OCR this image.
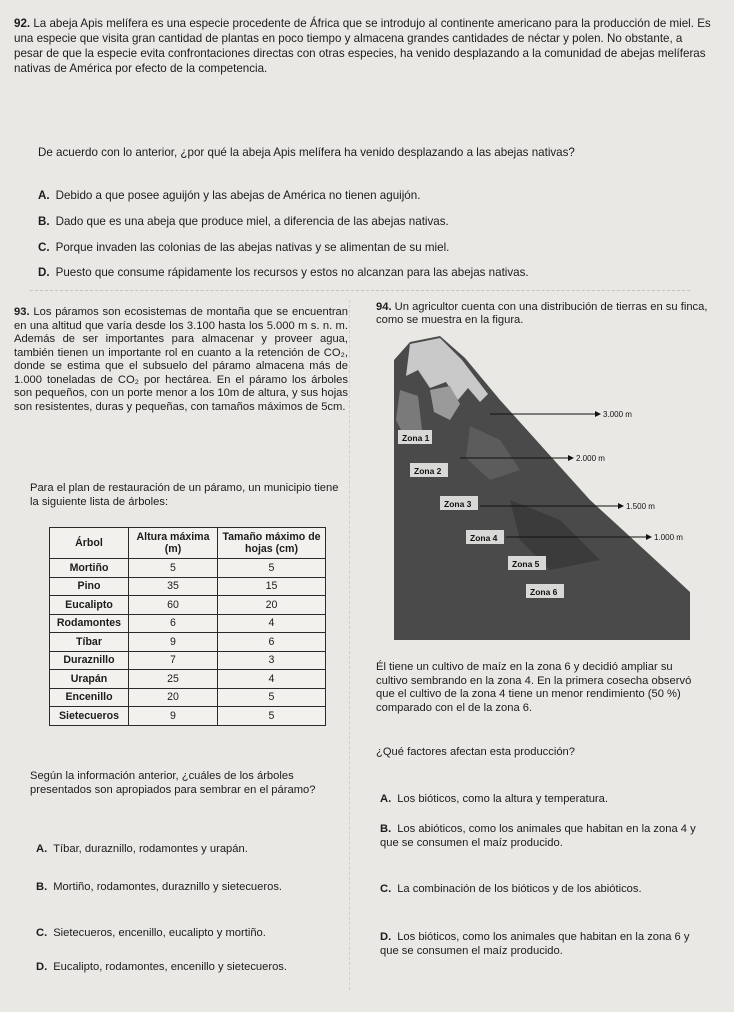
92. La abeja Apis melífera es una especie procedente de África que se introdujo al continente americano para la producción de miel. Es una especie que visita gran cantidad de plantas en poco tiempo y almacena grandes cantidades de néctar y polen. No obstante, a pesar de que la especie evita confrontaciones directas con otras especies, ha venido desplazando a la comunidad de abejas melíferas nativas de América por efecto de la competencia.
De acuerdo con lo anterior, ¿por qué la abeja Apis melífera ha venido desplazando a las abejas nativas?
A. Debido a que posee aguijón y las abejas de América no tienen aguijón.
B. Dado que es una abeja que produce miel, a diferencia de las abejas nativas.
C. Porque invaden las colonias de las abejas nativas y se alimentan de su miel.
D. Puesto que consume rápidamente los recursos y estos no alcanzan para las abejas nativas.
93. Los páramos son ecosistemas de montaña que se encuentran en una altitud que varía desde los 3.100 hasta los 5.000 m s. n. m. Además de ser importantes para almacenar y proveer agua, también tienen un importante rol en cuanto a la retención de CO₂, donde se estima que el subsuelo del páramo almacena más de 1.000 toneladas de CO₂ por hectárea. En el páramo los árboles son pequeños, con un porte menor a los 10m de altura, y sus hojas son resistentes, duras y pequeñas, con tamaños máximos de 5cm.
Para el plan de restauración de un páramo, un municipio tiene la siguiente lista de árboles:
Árbol	Altura máxima (m)	Tamaño máximo de hojas (cm)
Mortiño	5	5
Pino	35	15
Eucalipto	60	20
Rodamontes	6	4
Tíbar	9	6
Duraznillo	7	3
Urapán	25	4
Encenillo	20	5
Sietecueros	9	5
Según la información anterior, ¿cuáles de los árboles presentados son apropiados para sembrar en el páramo?
A. Tíbar, duraznillo, rodamontes y urapán.
B. Mortiño, rodamontes, duraznillo y sietecueros.
C. Sietecueros, encenillo, eucalipto y mortiño.
D. Eucalipto, rodamontes, encenillo y sietecueros.
94. Un agricultor cuenta con una distribución de tierras en su finca, como se muestra en la figura.
3.000 m
2.000 m
1.500 m
1.000 m
Zona 1
Zona 2
Zona 3
Zona 4
Zona 5
Zona 6
Él tiene un cultivo de maíz en la zona 6 y decidió ampliar su cultivo sembrando en la zona 4. En la primera cosecha observó que el cultivo de la zona 4 tiene un menor rendimiento (50 %) comparado con el de la zona 6.
¿Qué factores afectan esta producción?
A. Los bióticos, como la altura y temperatura.
B. Los abióticos, como los animales que habitan en la zona 4 y que se consumen el maíz producido.
C. La combinación de los bióticos y de los abióticos.
D. Los bióticos, como los animales que habitan en la zona 6 y que se consumen el maíz producido.
